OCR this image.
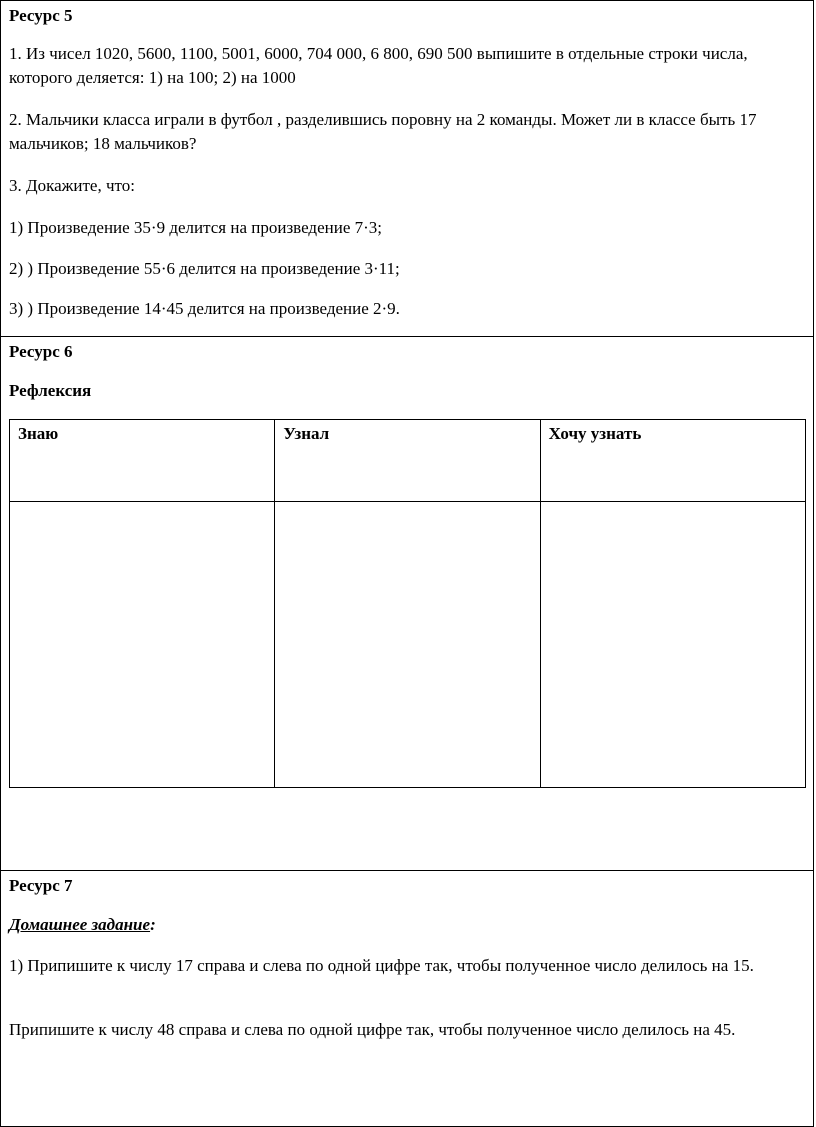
Ресурс 5

1. Из чисел 1020, 5600, 1100, 5001, 6000, 704 000, 6 800, 690 500 выпишите в отдельные строки числа, которого деляется: 1) на 100; 2) на 1000

2. Мальчики класса играли в футбол , разделившись поровну на 2 команды. Может ли в классе быть 17 мальчиков; 18 мальчиков?

3. Докажите, что:

1) Произведение 35·9 делится на произведение 7·3;

2) ) Произведение 55·6 делится на произведение 3·11;

3) ) Произведение 14·45 делится на произведение 2·9.

Ресурс 6

Рефлексия

Знаю	Узнал	Хочу узнать

Ресурс 7

Домашнее задание:

1) Припишите к числу 17 справа и слева по одной цифре так, чтобы полученное число делилось на 15.

Припишите к числу 48 справа и слева по одной цифре так, чтобы полученное число делилось на 45.
